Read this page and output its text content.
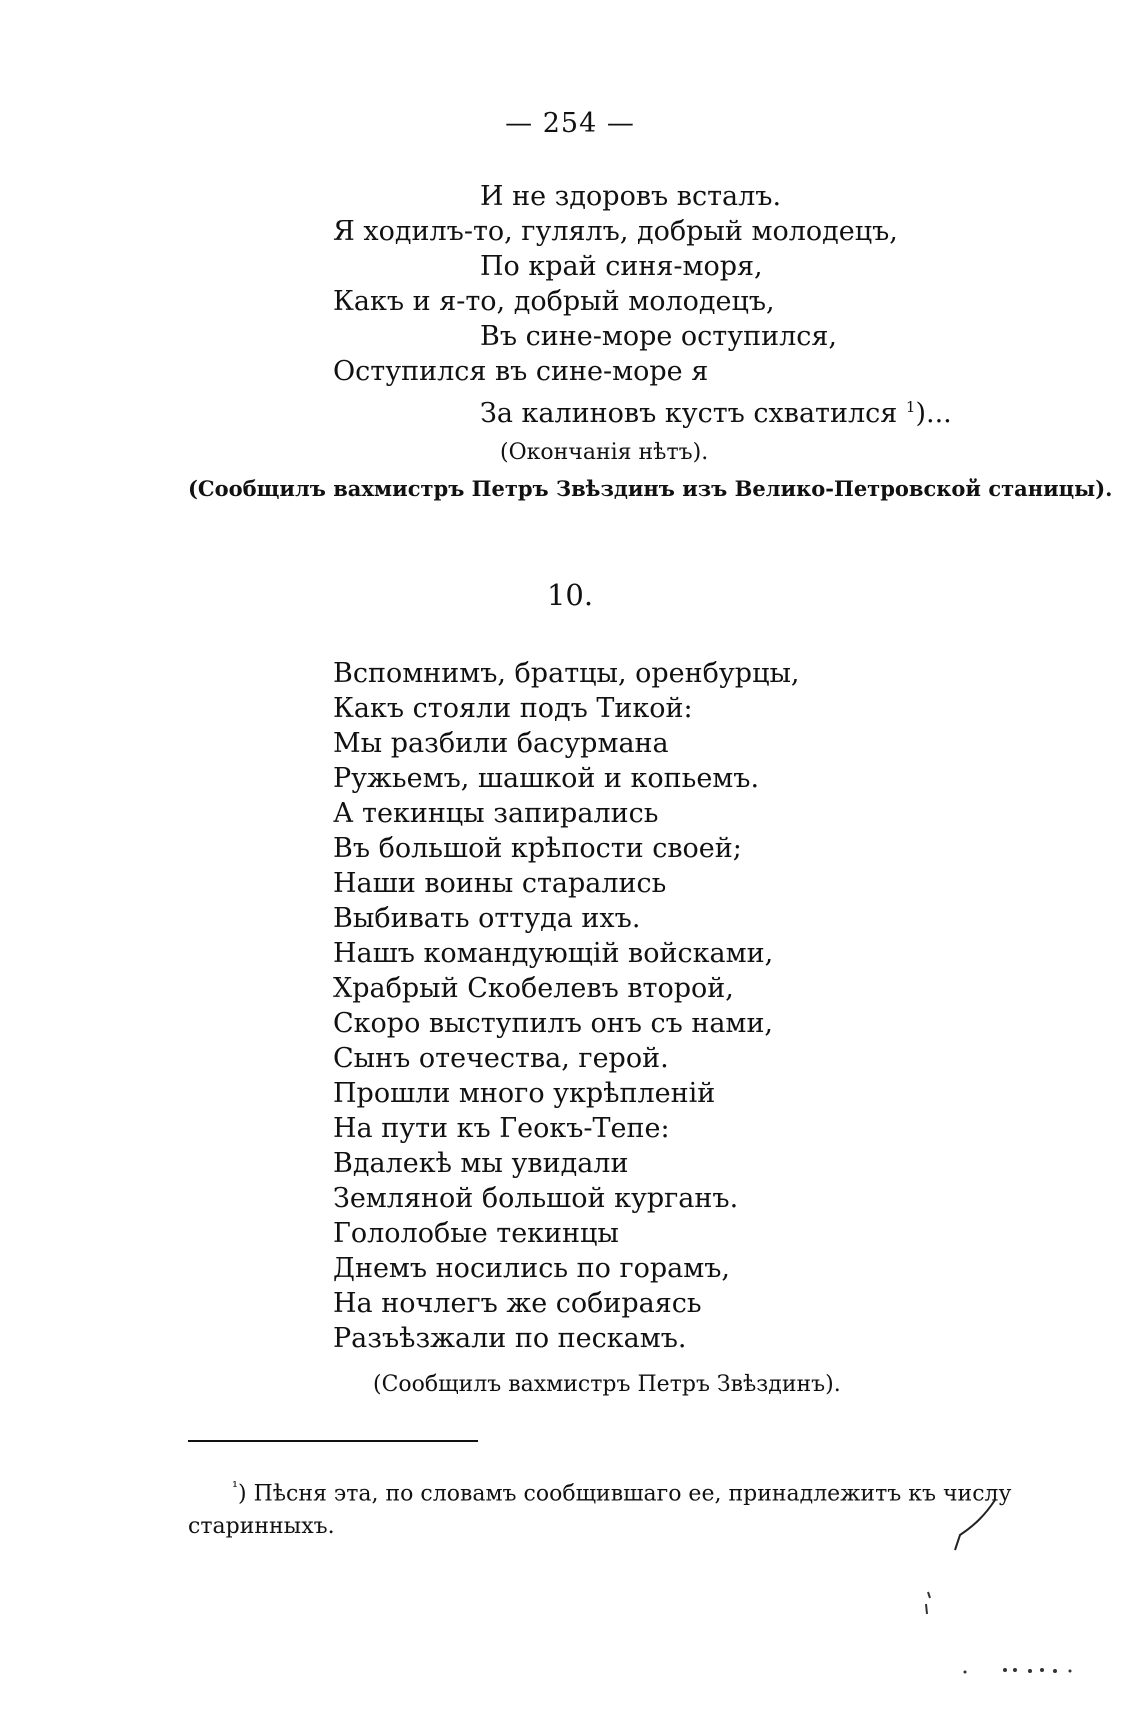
— 254 —
И не здоровъ всталъ.
Я ходилъ-то, гулялъ, добрый молодецъ,
По край синя-моря,
Какъ и я-то, добрый молодецъ,
Въ сине-море оступился,
Оступился въ сине-море я
За калиновъ кустъ схватился $^1$)...
(Окончанія нѣтъ).
(Сообщилъ вахмистръ Петръ Звѣздинъ изъ Велико-Петровской станицы).
10.
Вспомнимъ, братцы, оренбурцы,
Какъ стояли подъ Тикой:
Мы разбили басурмана
Ружьемъ, шашкой и копьемъ.
А текинцы запирались
Въ большой крѣпости своей;
Наши воины старались
Выбивать оттуда ихъ.
Нашъ командующій войсками,
Храбрый Скобелевъ второй,
Скоро выступилъ онъ съ нами,
Сынъ отечества, герой.
Прошли много укрѣпленій
На пути къ Геокъ-Тепе:
Вдалекѣ мы увидали
Земляной большой курганъ.
Гололобые текинцы
Днемъ носились по горамъ,
На ночлегъ же собираясь
Разъѣзжали по пескамъ.
(Сообщилъ вахмистръ Петръ Звѣздинъ).
$^{^1}$) Пѣсня эта, по словамъ сообщившаго ее, принадлежитъ къ числу
старинныхъ.
